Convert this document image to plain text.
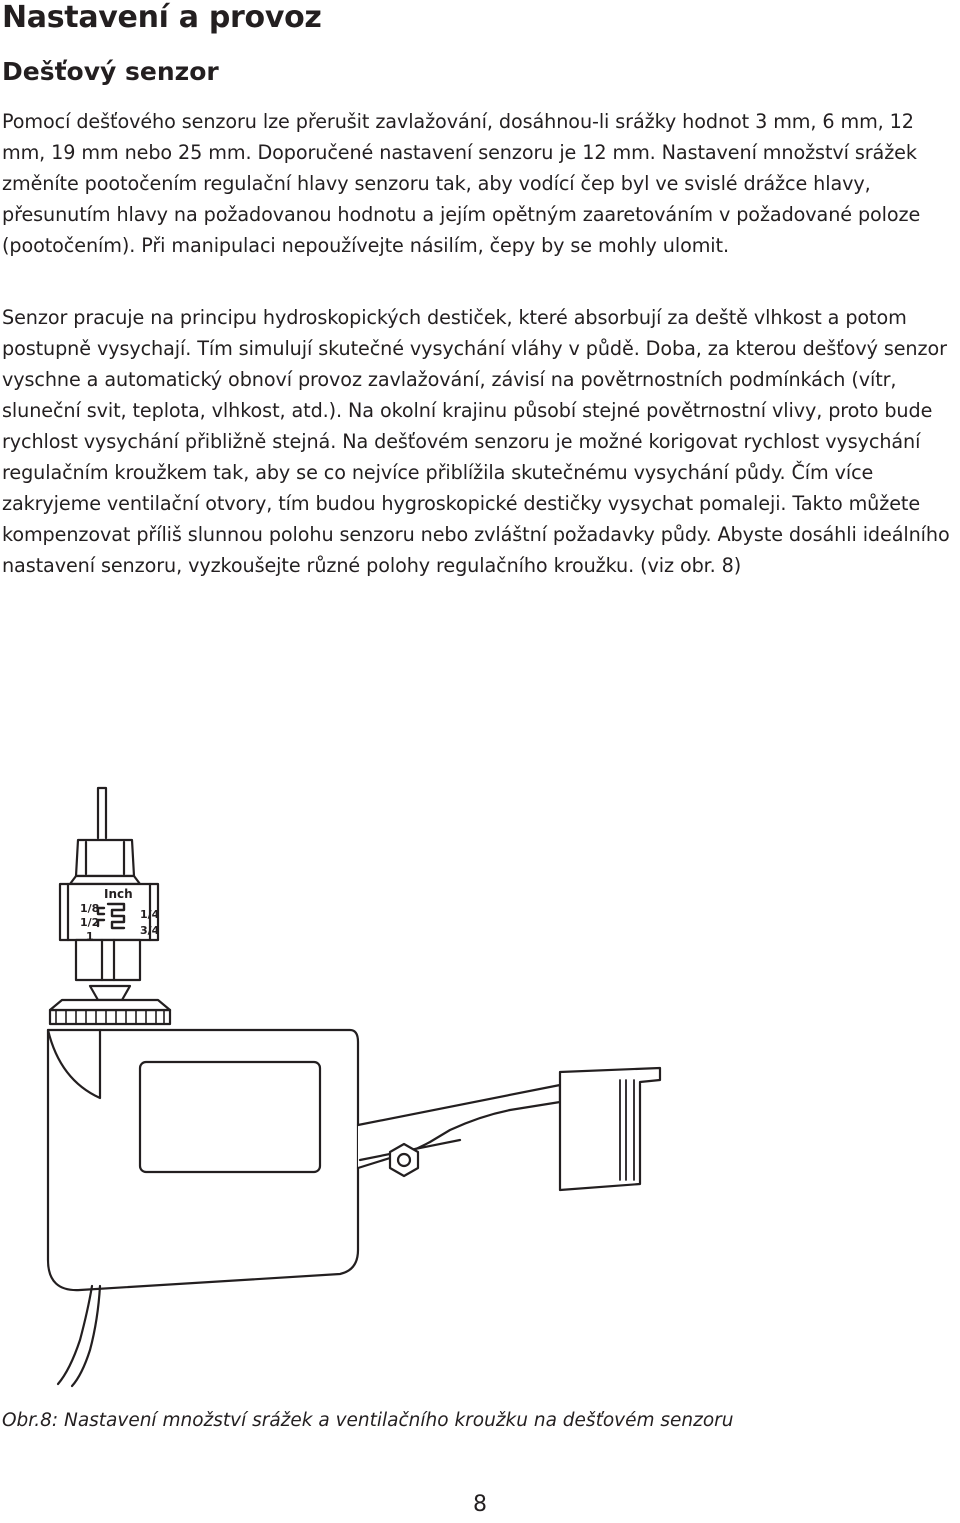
Nastavení a provoz
Dešťový senzor

Pomocí dešťového senzoru lze přerušit zavlažování, dosáhnou-li srážky hodnot 3 mm, 6 mm, 12 mm, 19 mm nebo 25 mm. Doporučené nastavení senzoru je 12 mm. Nastavení množství srážek změníte pootočením regulační hlavy senzoru tak, aby vodící čep byl ve svislé drážce hlavy, přesunutím hlavy na požadovanou hodnotu a jejím opětným zaaretováním v požadované poloze (pootočením). Při manipulaci nepoužívejte násilím, čepy by se mohly ulomit.

Senzor pracuje na principu hydroskopických destiček, které absorbují za deště vlhkost a potom postupně vysychají. Tím simulují skutečné vysychání vláhy v půdě. Doba, za kterou dešťový senzor vyschne a automatický obnoví provoz zavlažování, závisí na povětrnostních podmínkách (vítr, sluneční svit, teplota, vlhkost, atd.). Na okolní krajinu působí stejné povětrnostní vlivy, proto bude rychlost vysychání přibližně stejná. Na dešťovém senzoru je možné korigovat rychlost vysychání regulačním kroužkem tak, aby se co nejvíce přiblížila skutečnému vysychání půdy. Čím více zakryjeme ventilační otvory, tím budou hygroskopické destičky vysychat pomaleji. Takto můžete kompenzovat příliš slunnou polohu senzoru nebo zvláštní požadavky půdy. Abyste dosáhli ideálního nastavení senzoru, vyzkoušejte různé polohy regulačního kroužku. (viz obr. 8)

Inch
1/8
1/2
1
1/4
3/4

Obr.8: Nastavení množství srážek a ventilačního kroužku na dešťovém senzoru

8
